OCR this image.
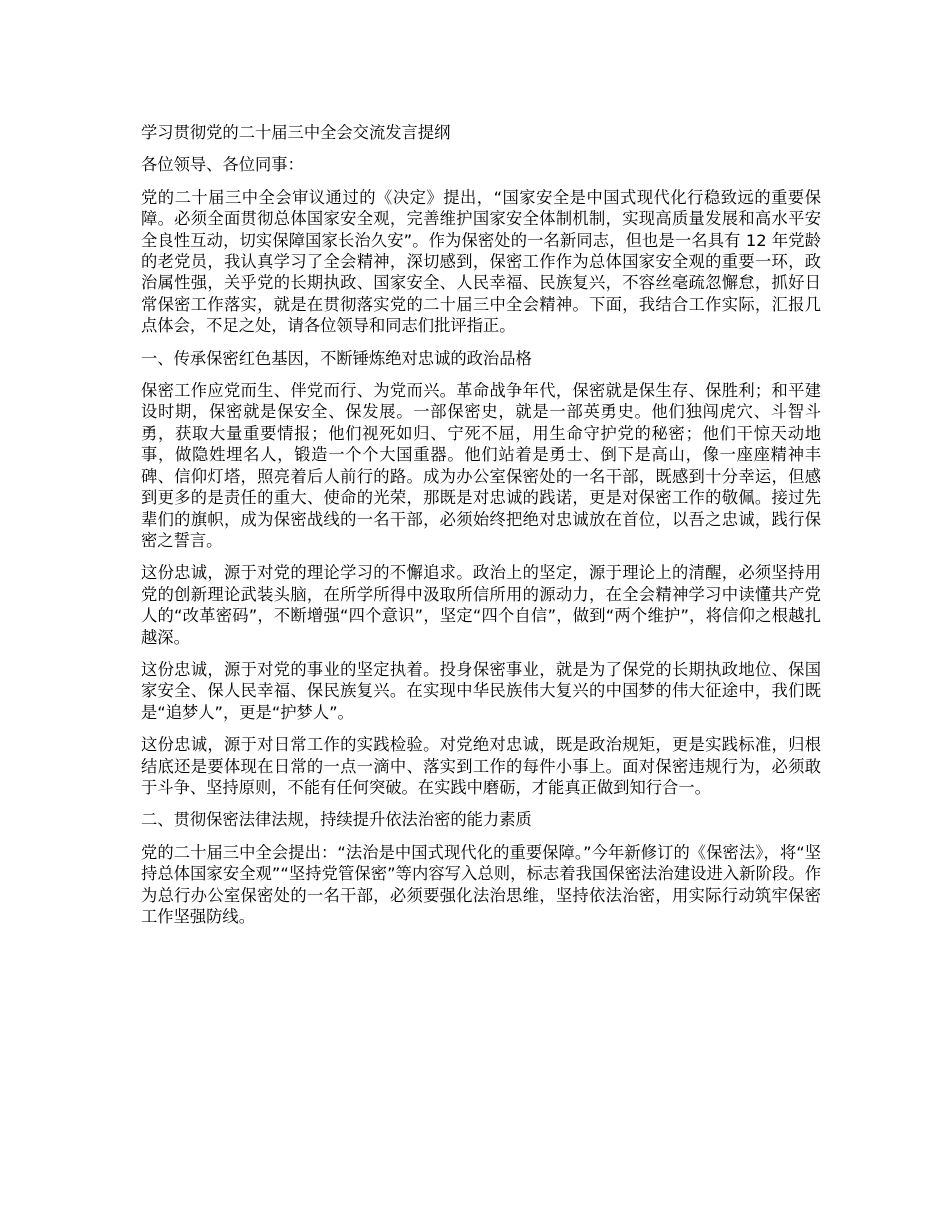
学习贯彻党的二十届三中全会交流发言提纲

各位领导、各位同事：

党的二十届三中全会审议通过的《决定》提出，“国家安全是中国式现代化行稳致远的重要保障。必须全面贯彻总体国家安全观，完善维护国家安全体制机制，实现高质量发展和高水平安全良性互动，切实保障国家长治久安”。作为保密处的一名新同志，但也是一名具有 12 年党龄的老党员，我认真学习了全会精神，深切感到，保密工作作为总体国家安全观的重要一环，政治属性强，关乎党的长期执政、国家安全、人民幸福、民族复兴，不容丝毫疏忽懈怠，抓好日常保密工作落实，就是在贯彻落实党的二十届三中全会精神。下面，我结合工作实际，汇报几点体会，不足之处，请各位领导和同志们批评指正。

一、传承保密红色基因，不断锤炼绝对忠诚的政治品格

保密工作应党而生、伴党而行、为党而兴。革命战争年代，保密就是保生存、保胜利；和平建设时期，保密就是保安全、保发展。一部保密史，就是一部英勇史。他们独闯虎穴、斗智斗勇，获取大量重要情报；他们视死如归、宁死不屈，用生命守护党的秘密；他们干惊天动地事，做隐姓埋名人，锻造一个个大国重器。他们站着是勇士、倒下是高山，像一座座精神丰碑、信仰灯塔，照亮着后人前行的路。成为办公室保密处的一名干部，既感到十分幸运，但感到更多的是责任的重大、使命的光荣，那既是对忠诚的践诺，更是对保密工作的敬佩。接过先辈们的旗帜，成为保密战线的一名干部，必须始终把绝对忠诚放在首位，以吾之忠诚，践行保密之誓言。

这份忠诚，源于对党的理论学习的不懈追求。政治上的坚定，源于理论上的清醒，必须坚持用党的创新理论武装头脑，在所学所得中汲取所信所用的源动力，在全会精神学习中读懂共产党人的“改革密码”，不断增强“四个意识”，坚定“四个自信”，做到“两个维护”，将信仰之根越扎越深。

这份忠诚，源于对党的事业的坚定执着。投身保密事业，就是为了保党的长期执政地位、保国家安全、保人民幸福、保民族复兴。在实现中华民族伟大复兴的中国梦的伟大征途中，我们既是“追梦人”，更是“护梦人”。

这份忠诚，源于对日常工作的实践检验。对党绝对忠诚，既是政治规矩，更是实践标准，归根结底还是要体现在日常的一点一滴中、落实到工作的每件小事上。面对保密违规行为，必须敢于斗争、坚持原则，不能有任何突破。在实践中磨砺，才能真正做到知行合一。

二、贯彻保密法律法规，持续提升依法治密的能力素质

党的二十届三中全会提出：“法治是中国式现代化的重要保障。”今年新修订的《保密法》，将“坚持总体国家安全观”“坚持党管保密”等内容写入总则，标志着我国保密法治建设进入新阶段。作为总行办公室保密处的一名干部，必须要强化法治思维，坚持依法治密，用实际行动筑牢保密工作坚强防线。
